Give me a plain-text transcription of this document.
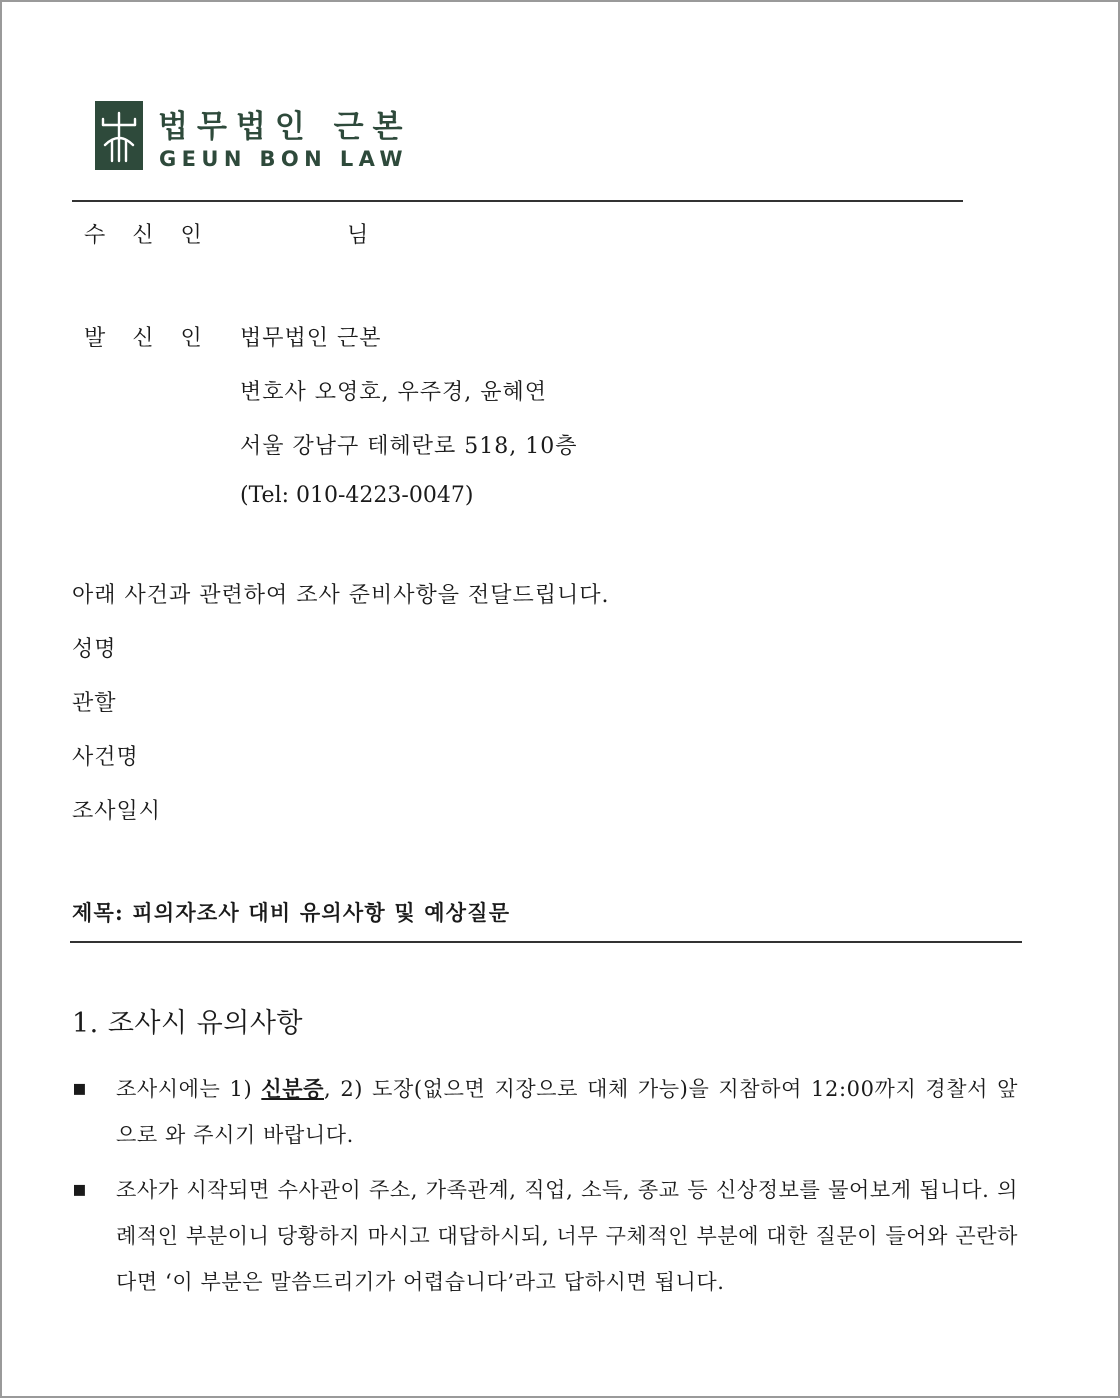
법무법인 근본
GEUN BON LAW
수 신 인	님
발 신 인 법무법인 근본
변호사 오영호, 우주경, 윤혜연
서울 강남구 테헤란로 518, 10층
(Tel: 010-4223-0047)
아래 사건과 관련하여 조사 준비사항을 전달드립니다.
성명
관할
사건명
조사일시
제목: 피의자조사 대비 유의사항 및 예상질문
1. 조사시 유의사항
▪ 조사시에는 1) 신분증, 2) 도장(없으면 지장으로 대체 가능)을 지참하여 12:00까지 경찰서 앞으로 와 주시기 바랍니다.
▪ 조사가 시작되면 수사관이 주소, 가족관계, 직업, 소득, 종교 등 신상정보를 물어보게 됩니다. 의례적인 부분이니 당황하지 마시고 대답하시되, 너무 구체적인 부분에 대한 질문이 들어와 곤란하다면 ‘이 부분은 말씀드리기가 어렵습니다’라고 답하시면 됩니다.
